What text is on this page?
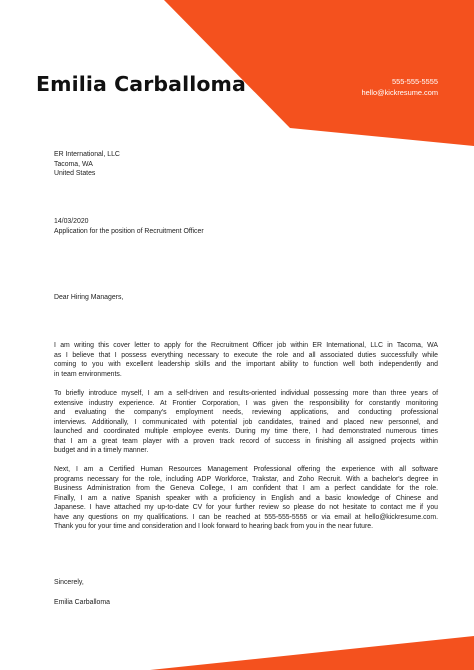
Emilia Carballoma	555-555-5555
hello@kickresume.com
ER International, LLC
Tacoma, WA
United States
14/03/2020
Application for the position of Recruitment Officer
Dear Hiring Managers,
I am writing this cover letter to apply for the Recruitment Officer job within ER International, LLC in Tacoma, WA
as I believe that I possess everything necessary to execute the role and all associated duties successfully while
coming to you with excellent leadership skills and the important ability to function well both independently and
in team environments.
To briefly introduce myself, I am a self-driven and results-oriented individual possessing more than three years of
extensive industry experience. At Frontier Corporation, I was given the responsibility for constantly monitoring
and evaluating the company's employment needs, reviewing applications, and conducting professional
interviews. Additionally, I communicated with potential job candidates, trained and placed new personnel, and
launched and coordinated multiple employee events. During my time there, I had demonstrated numerous times
that I am a great team player with a proven track record of success in finishing all assigned projects within
budget and in a timely manner.
Next, I am a Certified Human Resources Management Professional offering the experience with all software
programs necessary for the role, including ADP Workforce, Trakstar, and Zoho Recruit. With a bachelor's degree in
Business Administration from the Geneva College, I am confident that I am a perfect candidate for the role.
Finally, I am a native Spanish speaker with a proficiency in English and a basic knowledge of Chinese and
Japanese. I have attached my up-to-date CV for your further review so please do not hesitate to contact me if you
have any questions on my qualifications. I can be reached at 555-555-5555 or via email at hello@kickresume.com.
Thank you for your time and consideration and I look forward to hearing back from you in the near future.
Sincerely,
Emilia Carballoma
